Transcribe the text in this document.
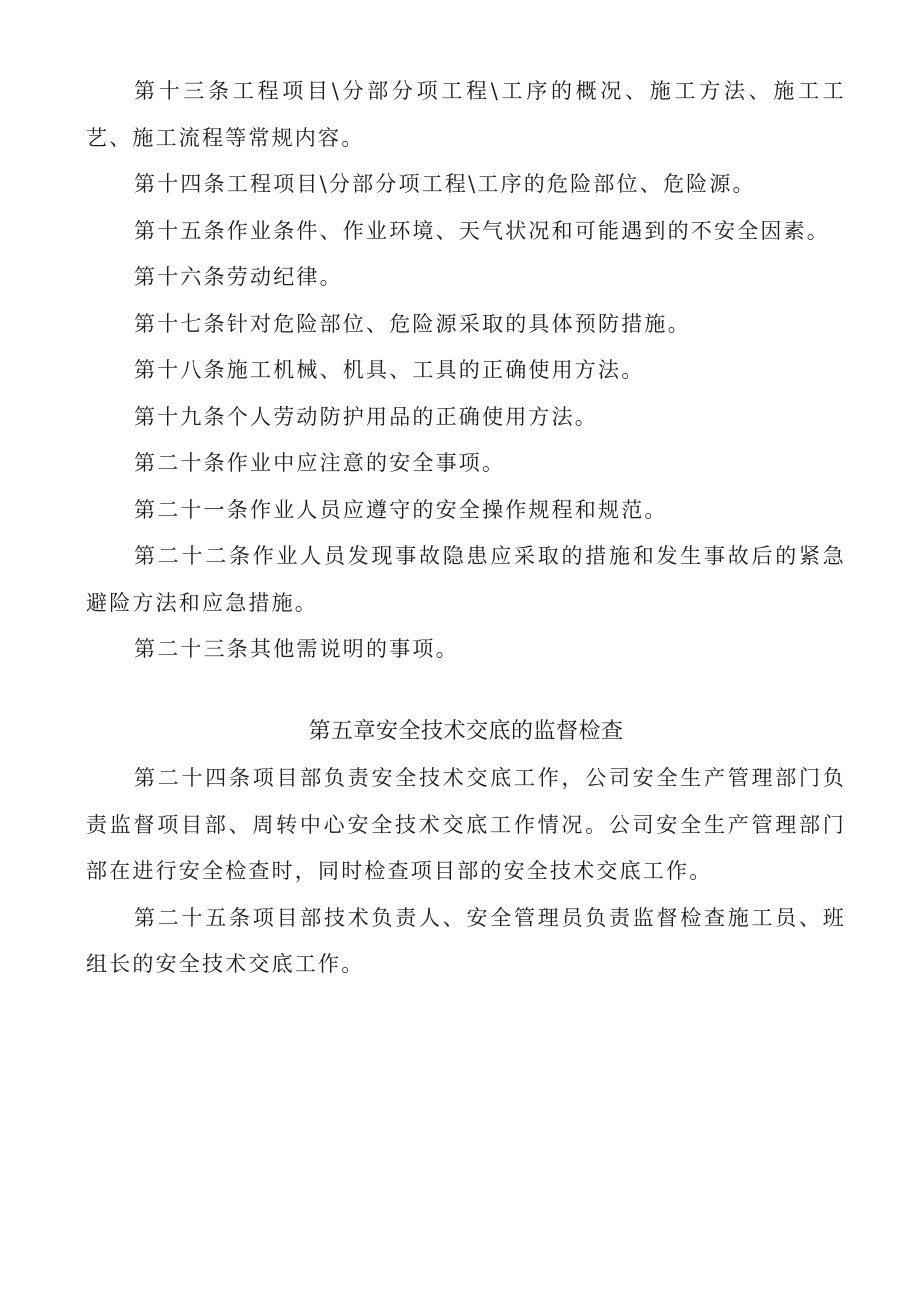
第十三条工程项目\分部分项工程\工序的概况、施工方法、施工工艺、施工流程等常规内容。

第十四条工程项目\分部分项工程\工序的危险部位、危险源。

第十五条作业条件、作业环境、天气状况和可能遇到的不安全因素。

第十六条劳动纪律。

第十七条针对危险部位、危险源采取的具体预防措施。

第十八条施工机械、机具、工具的正确使用方法。

第十九条个人劳动防护用品的正确使用方法。

第二十条作业中应注意的安全事项。

第二十一条作业人员应遵守的安全操作规程和规范。

第二十二条作业人员发现事故隐患应采取的措施和发生事故后的紧急避险方法和应急措施。

第二十三条其他需说明的事项。

第五章安全技术交底的监督检查

第二十四条项目部负责安全技术交底工作，公司安全生产管理部门负责监督项目部、周转中心安全技术交底工作情况。公司安全生产管理部门部在进行安全检查时，同时检查项目部的安全技术交底工作。

第二十五条项目部技术负责人、安全管理员负责监督检查施工员、班组长的安全技术交底工作。
